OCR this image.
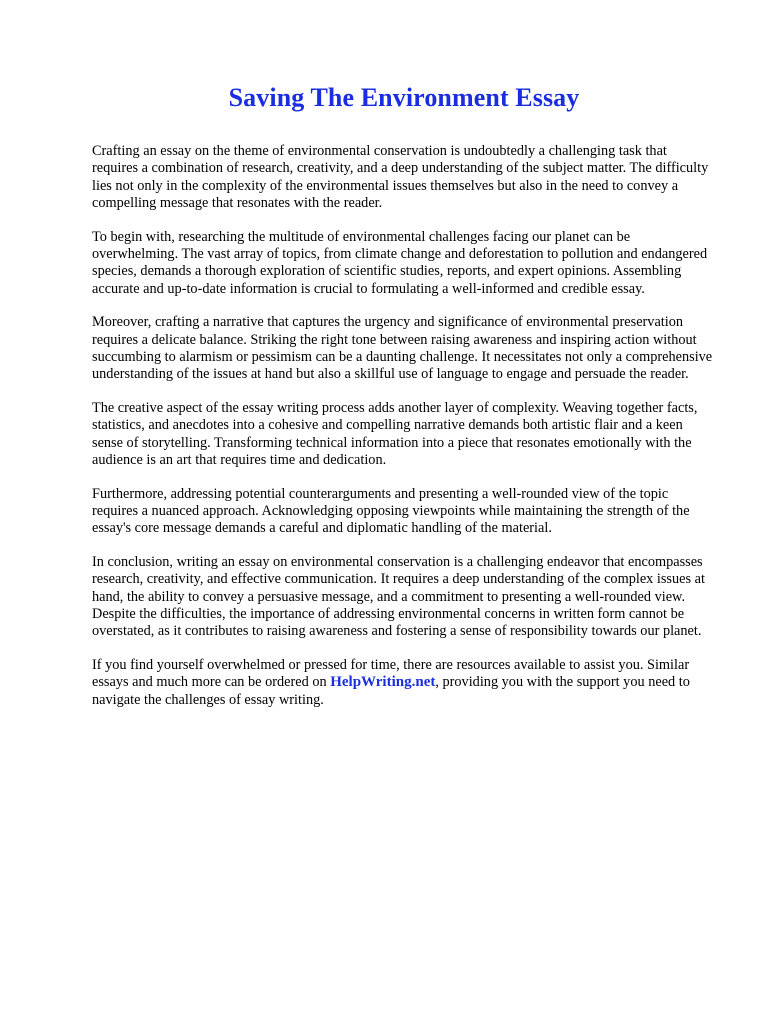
Saving The Environment Essay

Crafting an essay on the theme of environmental conservation is undoubtedly a challenging task that requires a combination of research, creativity, and a deep understanding of the subject matter. The difficulty lies not only in the complexity of the environmental issues themselves but also in the need to convey a compelling message that resonates with the reader.

To begin with, researching the multitude of environmental challenges facing our planet can be overwhelming. The vast array of topics, from climate change and deforestation to pollution and endangered species, demands a thorough exploration of scientific studies, reports, and expert opinions. Assembling accurate and up-to-date information is crucial to formulating a well-informed and credible essay.

Moreover, crafting a narrative that captures the urgency and significance of environmental preservation requires a delicate balance. Striking the right tone between raising awareness and inspiring action without succumbing to alarmism or pessimism can be a daunting challenge. It necessitates not only a comprehensive understanding of the issues at hand but also a skillful use of language to engage and persuade the reader.

The creative aspect of the essay writing process adds another layer of complexity. Weaving together facts, statistics, and anecdotes into a cohesive and compelling narrative demands both artistic flair and a keen sense of storytelling. Transforming technical information into a piece that resonates emotionally with the audience is an art that requires time and dedication.

Furthermore, addressing potential counterarguments and presenting a well-rounded view of the topic requires a nuanced approach. Acknowledging opposing viewpoints while maintaining the strength of the essay's core message demands a careful and diplomatic handling of the material.

In conclusion, writing an essay on environmental conservation is a challenging endeavor that encompasses research, creativity, and effective communication. It requires a deep understanding of the complex issues at hand, the ability to convey a persuasive message, and a commitment to presenting a well-rounded view. Despite the difficulties, the importance of addressing environmental concerns in written form cannot be overstated, as it contributes to raising awareness and fostering a sense of responsibility towards our planet.

If you find yourself overwhelmed or pressed for time, there are resources available to assist you. Similar essays and much more can be ordered on HelpWriting.net, providing you with the support you need to navigate the challenges of essay writing.
